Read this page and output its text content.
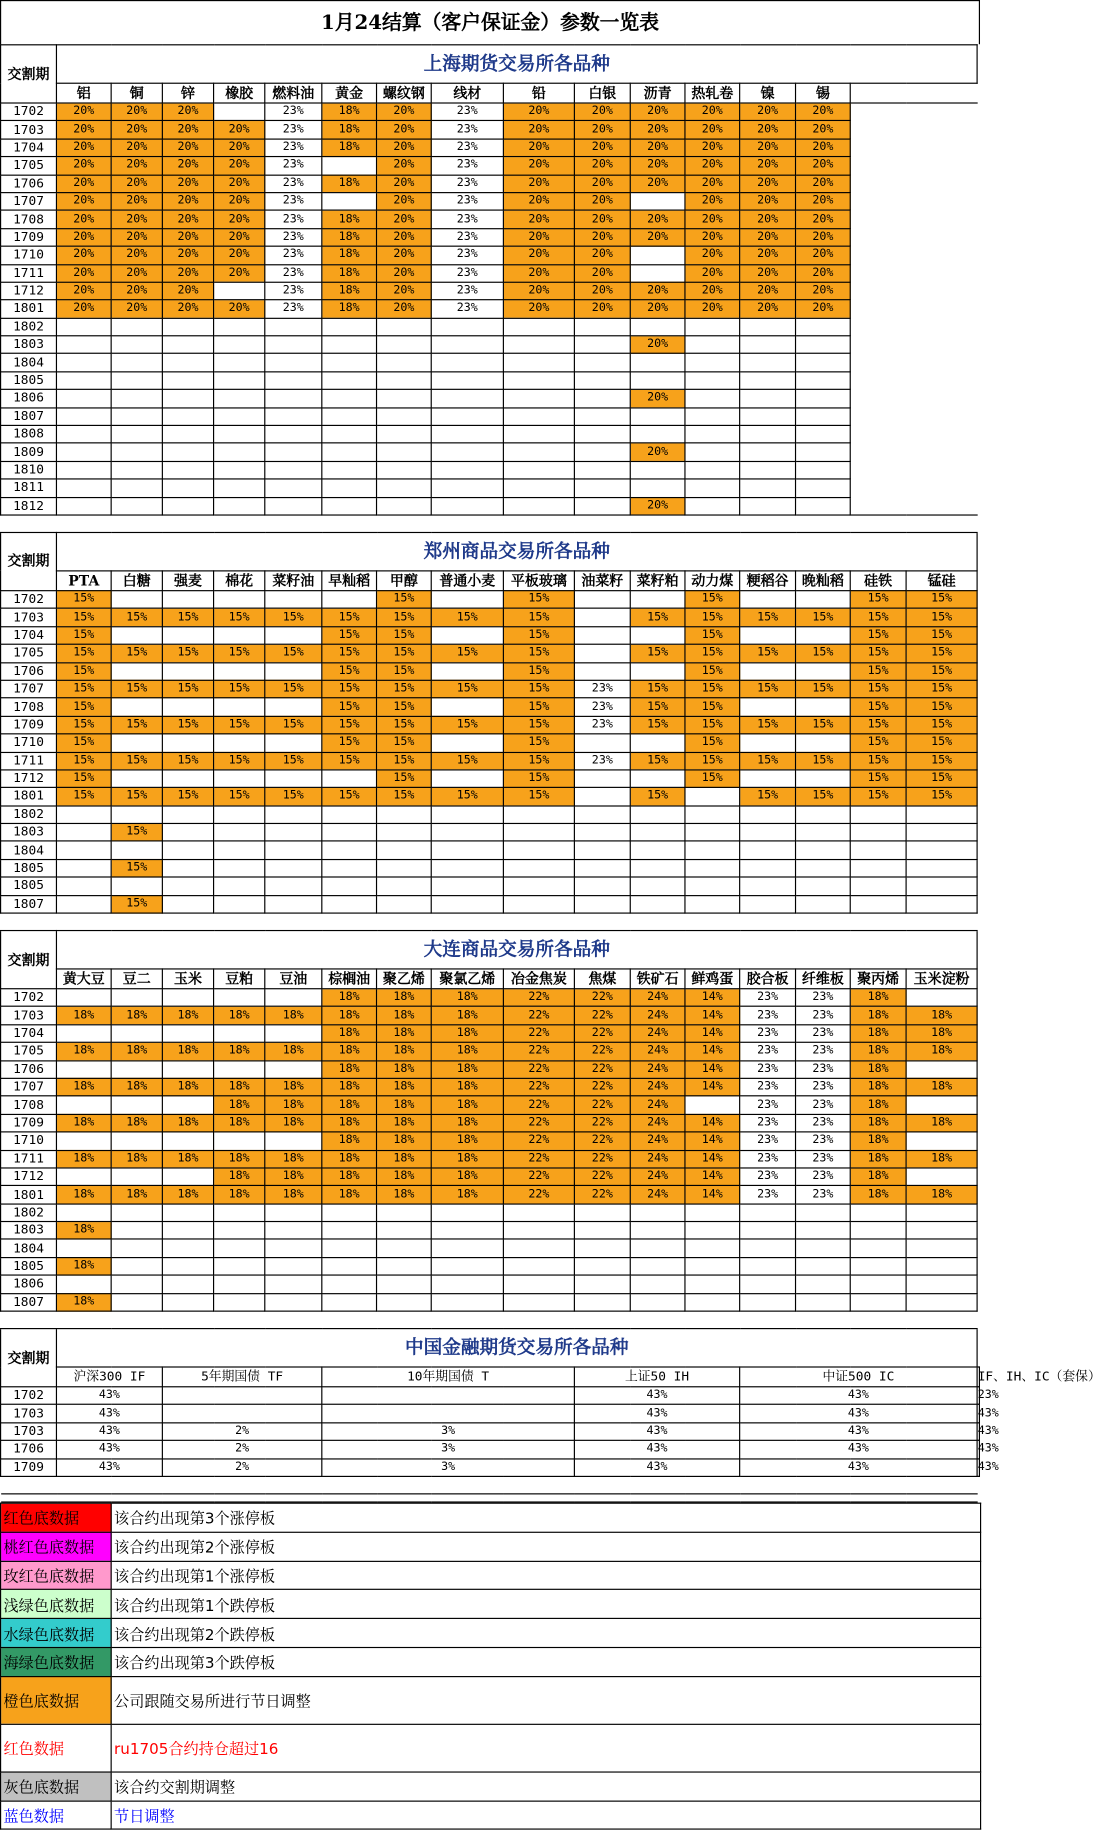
1月24结算（客户保证金）参数一览表
交割期	上海期货交易所各品种																
	铝	铜	锌	橡胶	燃料油	黄金	螺纹钢	线材	铅	白银	沥青	热轧卷	镍	锡			
1702	20%	20%	20%		23%	18%	20%	23%	20%	20%	20%	20%	20%	20%			
1703	20%	20%	20%	20%	23%	18%	20%	23%	20%	20%	20%	20%	20%	20%			
1704	20%	20%	20%	20%	23%	18%	20%	23%	20%	20%	20%	20%	20%	20%			
1705	20%	20%	20%	20%	23%		20%	23%	20%	20%	20%	20%	20%	20%			
1706	20%	20%	20%	20%	23%	18%	20%	23%	20%	20%	20%	20%	20%	20%			
1707	20%	20%	20%	20%	23%		20%	23%	20%	20%		20%	20%	20%			
1708	20%	20%	20%	20%	23%	18%	20%	23%	20%	20%	20%	20%	20%	20%			
1709	20%	20%	20%	20%	23%	18%	20%	23%	20%	20%	20%	20%	20%	20%			
1710	20%	20%	20%	20%	23%	18%	20%	23%	20%	20%		20%	20%	20%			
1711	20%	20%	20%	20%	23%	18%	20%	23%	20%	20%		20%	20%	20%			
1712	20%	20%	20%		23%	18%	20%	23%	20%	20%	20%	20%	20%	20%			
1801	20%	20%	20%	20%	23%	18%	20%	23%	20%	20%	20%	20%	20%	20%			
1802																	
1803											20%						
1804																	
1805																	
1806											20%						
1807																	
1808																	
1809											20%						
1810																	
1811																	
1812											20%						

交割期	郑州商品交易所各品种																
	PTA	白糖	强麦	棉花	菜籽油	早籼稻	甲醇	普通小麦	平板玻璃	油菜籽	菜籽粕	动力煤	粳稻谷	晚籼稻	硅铁	锰硅	
1702	15%						15%		15%			15%			15%	15%	
1703	15%	15%	15%	15%	15%	15%	15%	15%	15%		15%	15%	15%	15%	15%	15%	
1704	15%					15%	15%		15%			15%			15%	15%	
1705	15%	15%	15%	15%	15%	15%	15%	15%	15%		15%	15%	15%	15%	15%	15%	
1706	15%					15%	15%		15%			15%			15%	15%	
1707	15%	15%	15%	15%	15%	15%	15%	15%	15%	23%	15%	15%	15%	15%	15%	15%	
1708	15%					15%	15%		15%	23%	15%	15%			15%	15%	
1709	15%	15%	15%	15%	15%	15%	15%	15%	15%	23%	15%	15%	15%	15%	15%	15%	
1710	15%					15%	15%		15%			15%			15%	15%	
1711	15%	15%	15%	15%	15%	15%	15%	15%	15%	23%	15%	15%	15%	15%	15%	15%	
1712	15%						15%		15%			15%			15%	15%	
1801	15%	15%	15%	15%	15%	15%	15%	15%	15%		15%		15%	15%	15%	15%	
1802																	
1803		15%															
1804																	
1805		15%															
1805																	
1807		15%															

交割期	大连商品交易所各品种																
	黄大豆	豆二	玉米	豆粕	豆油	棕榈油	聚乙烯	聚氯乙烯	冶金焦炭	焦煤	铁矿石	鲜鸡蛋	胶合板	纤维板	聚丙烯	玉米淀粉	
1702						18%	18%	18%	22%	22%	24%	14%	23%	23%	18%		
1703	18%	18%	18%	18%	18%	18%	18%	18%	22%	22%	24%	14%	23%	23%	18%	18%	
1704						18%	18%	18%	22%	22%	24%	14%	23%	23%	18%	18%	
1705	18%	18%	18%	18%	18%	18%	18%	18%	22%	22%	24%	14%	23%	23%	18%	18%	
1706						18%	18%	18%	22%	22%	24%	14%	23%	23%	18%		
1707	18%	18%	18%	18%	18%	18%	18%	18%	22%	22%	24%	14%	23%	23%	18%	18%	
1708				18%	18%	18%	18%	18%	22%	22%	24%		23%	23%	18%		
1709	18%	18%	18%	18%	18%	18%	18%	18%	22%	22%	24%	14%	23%	23%	18%	18%	
1710						18%	18%	18%	22%	22%	24%	14%	23%	23%	18%		
1711	18%	18%	18%	18%	18%	18%	18%	18%	22%	22%	24%	14%	23%	23%	18%	18%	
1712				18%	18%	18%	18%	18%	22%	22%	24%	14%	23%	23%	18%		
1801	18%	18%	18%	18%	18%	18%	18%	18%	22%	22%	24%	14%	23%	23%	18%	18%	
1802																	
1803	18%																
1804																	
1805	18%																
1806																	
1807	18%																

交割期	中国金融期货交易所各品种																
	沪深300 IF		5年期国债 TF			10年期国债 T				上证50 IH			中证500 IC				IF、IH、IC（套保）
1702	43%									43%			43%				23%
1703	43%									43%			43%				43%
1703	43%		2%			3%				43%			43%				43%
1706	43%		2%			3%				43%			43%				43%
1709	43%		2%			3%				43%			43%				43%

红色底数据	该合约出现第3个涨停板
桃红色底数据	该合约出现第2个涨停板
玫红色底数据	该合约出现第1个涨停板
浅绿色底数据	该合约出现第1个跌停板
水绿色底数据	该合约出现第2个跌停板
海绿色底数据	该合约出现第3个跌停板
橙色底数据	公司跟随交易所进行节日调整
红色数据	ru1705合约持仓超过16
灰色底数据	该合约交割期调整
蓝色数据	节日调整
